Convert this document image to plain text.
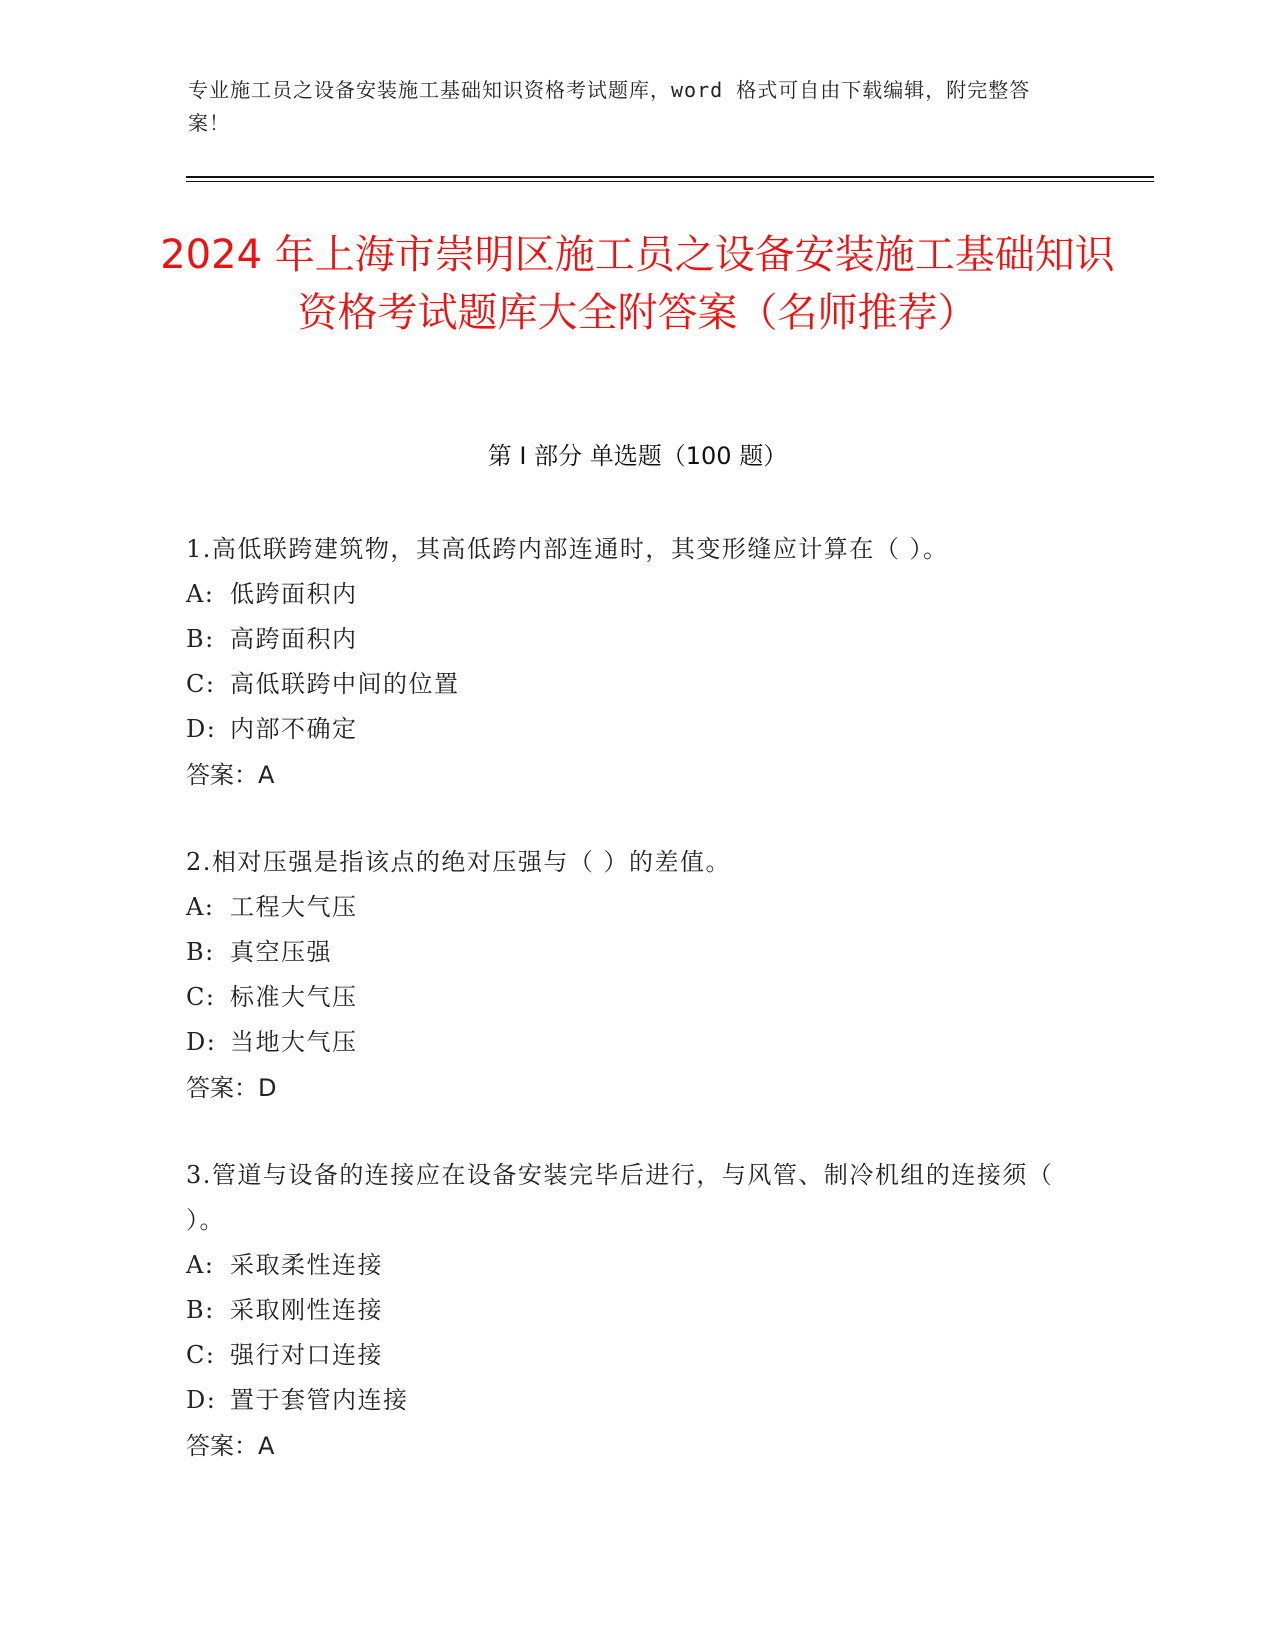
专业施工员之设备安装施工基础知识资格考试题库，word 格式可自由下载编辑，附完整答案！
2024 年上海市崇明区施工员之设备安装施工基础知识资格考试题库大全附答案（名师推荐）
第 I 部分 单选题（100 题）
1.高低联跨建筑物，其高低跨内部连通时，其变形缝应计算在（ ）。
A: 低跨面积内
B: 高跨面积内
C: 高低联跨中间的位置
D: 内部不确定
答案：A
2.相对压强是指该点的绝对压强与（ ）的差值。
A: 工程大气压
B: 真空压强
C: 标准大气压
D: 当地大气压
答案：D
3.管道与设备的连接应在设备安装完毕后进行，与风管、制冷机组的连接须（ ）。
A: 采取柔性连接
B: 采取刚性连接
C: 强行对口连接
D: 置于套管内连接
答案：A
